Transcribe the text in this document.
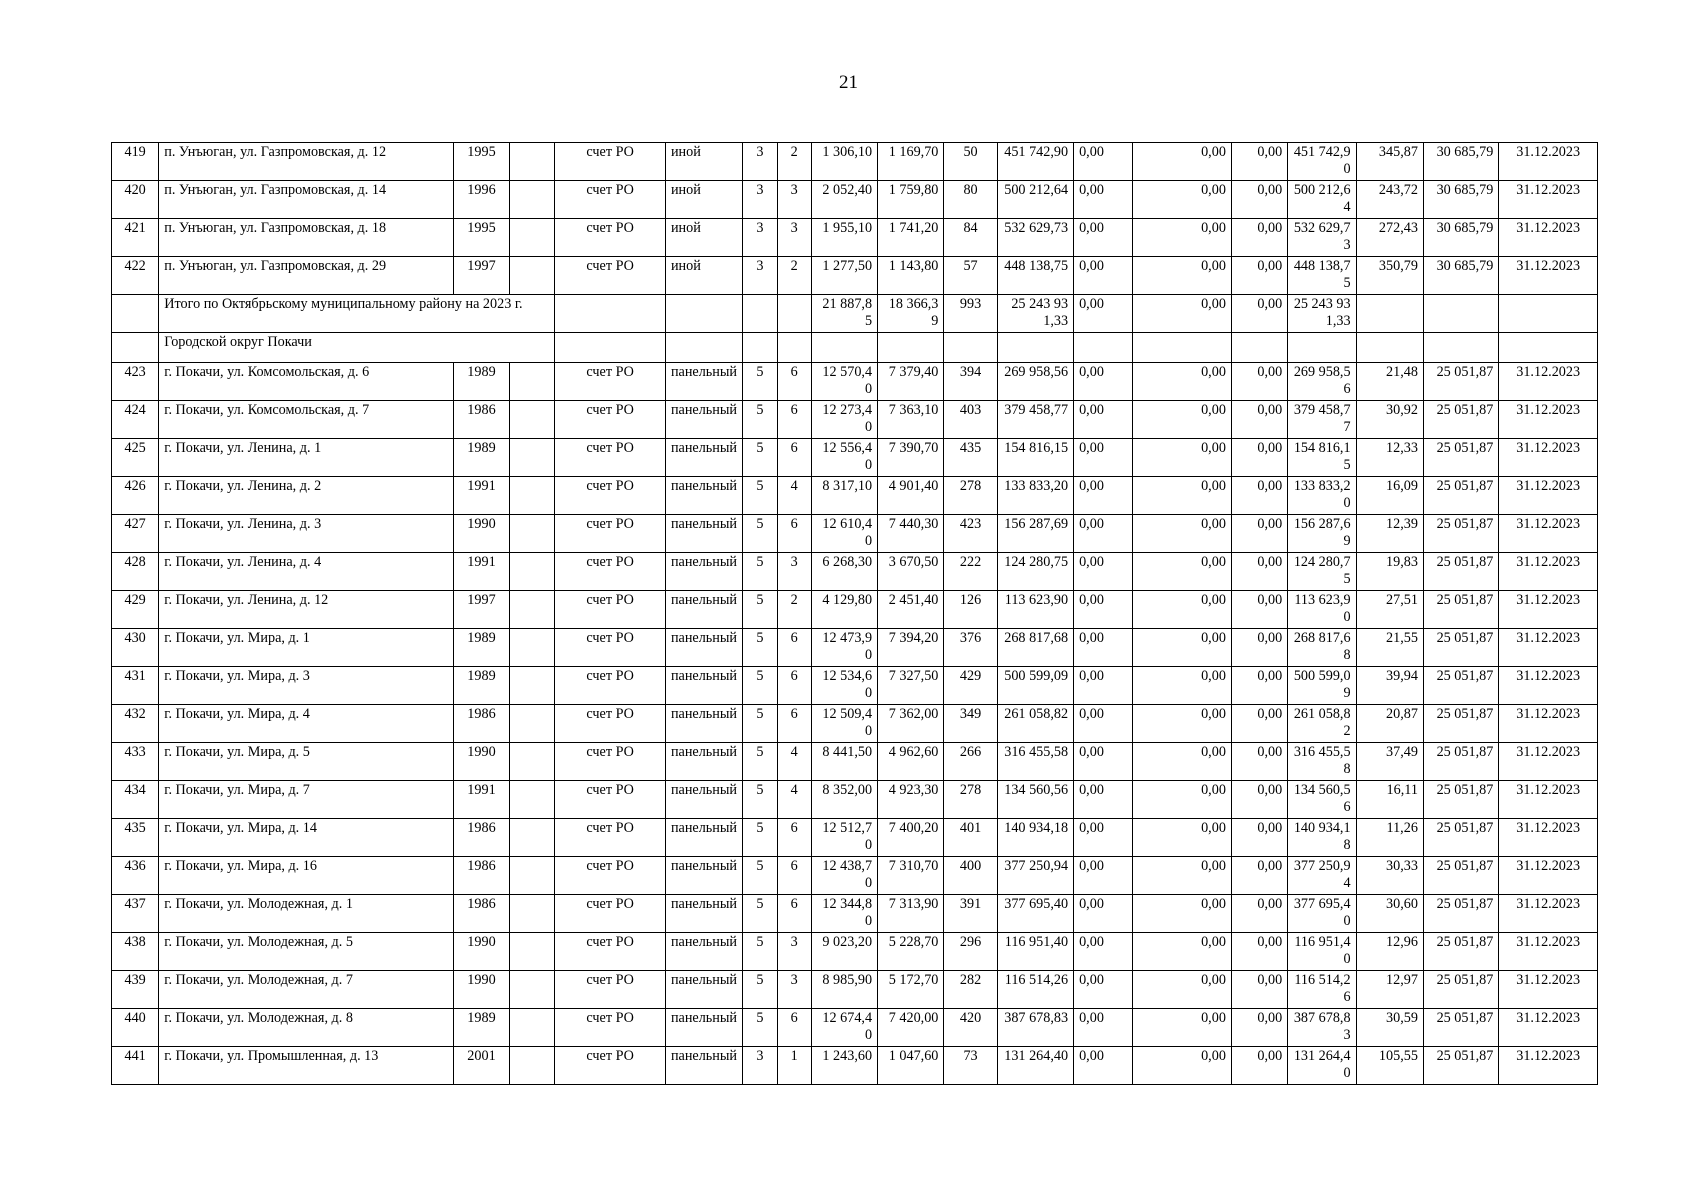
21
419	п. Унъюган, ул. Газпромовская, д. 12	1995		счет РО	иной	3	2	1 306,10	1 169,70	50	451 742,90	0,00	0,00	0,00	451 742,90	345,87	30 685,79	31.12.2023
420	п. Унъюган, ул. Газпромовская, д. 14	1996		счет РО	иной	3	3	2 052,40	1 759,80	80	500 212,64	0,00	0,00	0,00	500 212,64	243,72	30 685,79	31.12.2023
421	п. Унъюган, ул. Газпромовская, д. 18	1995		счет РО	иной	3	3	1 955,10	1 741,20	84	532 629,73	0,00	0,00	0,00	532 629,73	272,43	30 685,79	31.12.2023
422	п. Унъюган, ул. Газпромовская, д. 29	1997		счет РО	иной	3	2	1 277,50	1 143,80	57	448 138,75	0,00	0,00	0,00	448 138,75	350,79	30 685,79	31.12.2023
	Итого по Октябрьскому муниципальному району на 2023 г.							21 887,85	18 366,39	993	25 243 931,33	0,00	0,00	0,00	25 243 931,33			
	Городской округ Покачи																	
423	г. Покачи, ул. Комсомольская, д. 6	1989		счет РО	панельный	5	6	12 570,40	7 379,40	394	269 958,56	0,00	0,00	0,00	269 958,56	21,48	25 051,87	31.12.2023
424	г. Покачи, ул. Комсомольская, д. 7	1986		счет РО	панельный	5	6	12 273,40	7 363,10	403	379 458,77	0,00	0,00	0,00	379 458,77	30,92	25 051,87	31.12.2023
425	г. Покачи, ул. Ленина, д. 1	1989		счет РО	панельный	5	6	12 556,40	7 390,70	435	154 816,15	0,00	0,00	0,00	154 816,15	12,33	25 051,87	31.12.2023
426	г. Покачи, ул. Ленина, д. 2	1991		счет РО	панельный	5	4	8 317,10	4 901,40	278	133 833,20	0,00	0,00	0,00	133 833,20	16,09	25 051,87	31.12.2023
427	г. Покачи, ул. Ленина, д. 3	1990		счет РО	панельный	5	6	12 610,40	7 440,30	423	156 287,69	0,00	0,00	0,00	156 287,69	12,39	25 051,87	31.12.2023
428	г. Покачи, ул. Ленина, д. 4	1991		счет РО	панельный	5	3	6 268,30	3 670,50	222	124 280,75	0,00	0,00	0,00	124 280,75	19,83	25 051,87	31.12.2023
429	г. Покачи, ул. Ленина, д. 12	1997		счет РО	панельный	5	2	4 129,80	2 451,40	126	113 623,90	0,00	0,00	0,00	113 623,90	27,51	25 051,87	31.12.2023
430	г. Покачи, ул. Мира, д. 1	1989		счет РО	панельный	5	6	12 473,90	7 394,20	376	268 817,68	0,00	0,00	0,00	268 817,68	21,55	25 051,87	31.12.2023
431	г. Покачи, ул. Мира, д. 3	1989		счет РО	панельный	5	6	12 534,60	7 327,50	429	500 599,09	0,00	0,00	0,00	500 599,09	39,94	25 051,87	31.12.2023
432	г. Покачи, ул. Мира, д. 4	1986		счет РО	панельный	5	6	12 509,40	7 362,00	349	261 058,82	0,00	0,00	0,00	261 058,82	20,87	25 051,87	31.12.2023
433	г. Покачи, ул. Мира, д. 5	1990		счет РО	панельный	5	4	8 441,50	4 962,60	266	316 455,58	0,00	0,00	0,00	316 455,58	37,49	25 051,87	31.12.2023
434	г. Покачи, ул. Мира, д. 7	1991		счет РО	панельный	5	4	8 352,00	4 923,30	278	134 560,56	0,00	0,00	0,00	134 560,56	16,11	25 051,87	31.12.2023
435	г. Покачи, ул. Мира, д. 14	1986		счет РО	панельный	5	6	12 512,70	7 400,20	401	140 934,18	0,00	0,00	0,00	140 934,18	11,26	25 051,87	31.12.2023
436	г. Покачи, ул. Мира, д. 16	1986		счет РО	панельный	5	6	12 438,70	7 310,70	400	377 250,94	0,00	0,00	0,00	377 250,94	30,33	25 051,87	31.12.2023
437	г. Покачи, ул. Молодежная, д. 1	1986		счет РО	панельный	5	6	12 344,80	7 313,90	391	377 695,40	0,00	0,00	0,00	377 695,40	30,60	25 051,87	31.12.2023
438	г. Покачи, ул. Молодежная, д. 5	1990		счет РО	панельный	5	3	9 023,20	5 228,70	296	116 951,40	0,00	0,00	0,00	116 951,40	12,96	25 051,87	31.12.2023
439	г. Покачи, ул. Молодежная, д. 7	1990		счет РО	панельный	5	3	8 985,90	5 172,70	282	116 514,26	0,00	0,00	0,00	116 514,26	12,97	25 051,87	31.12.2023
440	г. Покачи, ул. Молодежная, д. 8	1989		счет РО	панельный	5	6	12 674,40	7 420,00	420	387 678,83	0,00	0,00	0,00	387 678,83	30,59	25 051,87	31.12.2023
441	г. Покачи, ул. Промышленная, д. 13	2001		счет РО	панельный	3	1	1 243,60	1 047,60	73	131 264,40	0,00	0,00	0,00	131 264,40	105,55	25 051,87	31.12.2023
